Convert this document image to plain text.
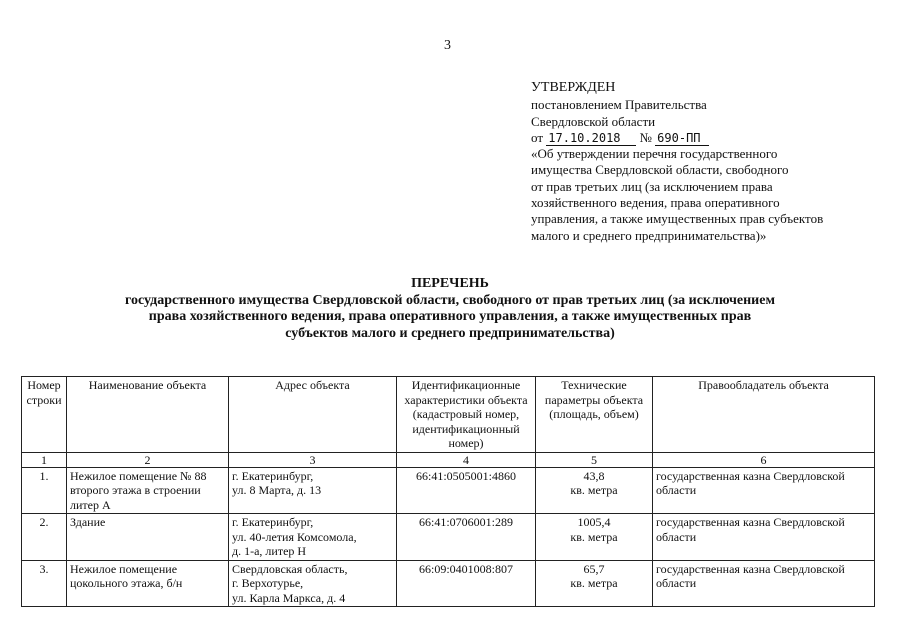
3
УТВЕРЖДЕН
постановлением Правительства
Свердловской области
от 17.10.2018 № 690-ПП
«Об утверждении перечня государственного
имущества Свердловской области, свободного
от прав третьих лиц (за исключением права
хозяйственного ведения, права оперативного
управления, а также имущественных прав субъектов
малого и среднего предпринимательства)»
ПЕРЕЧЕНЬ
государственного имущества Свердловской области, свободного от прав третьих лиц (за исключением
права хозяйственного ведения, права оперативного управления, а также имущественных прав
субъектов малого и среднего предпринимательства)
Номер
строки	Наименование объекта	Адрес объекта	Идентификационные
характеристики объекта
(кадастровый номер,
идентификационный
номер)	Технические
параметры объекта
(площадь, объем)	Правообладатель объекта

1	2	3	4	5	6
1.	Нежилое помещение № 88
второго этажа в строении
литер А	г. Екатеринбург,
ул. 8 Марта, д. 13	66:41:0505001:4860	43,8
кв. метра	государственная казна Свердловской
области

2.	Здание	г. Екатеринбург,
ул. 40-летия Комсомола,
д. 1-а, литер Н	66:41:0706001:289	1005,4
кв. метра	государственная казна Свердловской
области

3.	Нежилое помещение
цокольного этажа, б/н	Свердловская область,
г. Верхотурье,
ул. Карла Маркса, д. 4	66:09:0401008:807	65,7
кв. метра	государственная казна Свердловской
области
